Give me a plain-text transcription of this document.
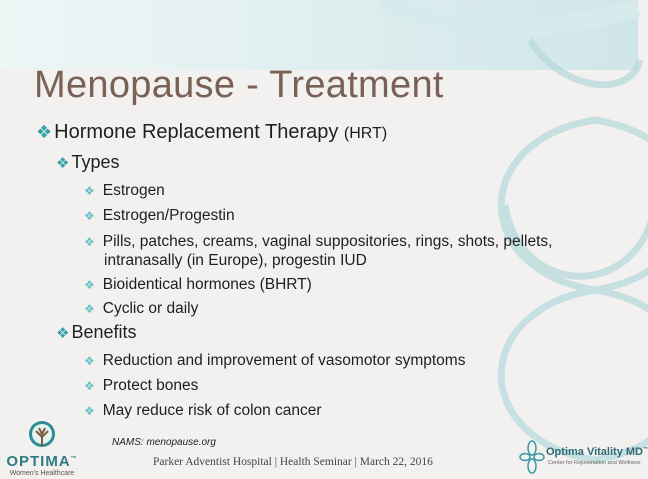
Menopause - Treatment
❖ Hormone Replacement Therapy (HRT)
❖ Types
❖ Estrogen
❖ Estrogen/Progestin
❖ Pills, patches, creams, vaginal suppositories, rings, shots, pellets,
intranasally (in Europe), progestin IUD
❖ Bioidentical hormones (BHRT)
❖ Cyclic or daily
❖ Benefits
❖ Reduction and improvement of vasomotor symptoms
❖ Protect bones
❖ May reduce risk of colon cancer
NAMS: menopause.org
Parker Adventist Hospital | Health Seminar | March 22, 2016
OPTIMA™
Women's Healthcare
Optima Vitality MD™
Center for Rejuvenation and Wellness
